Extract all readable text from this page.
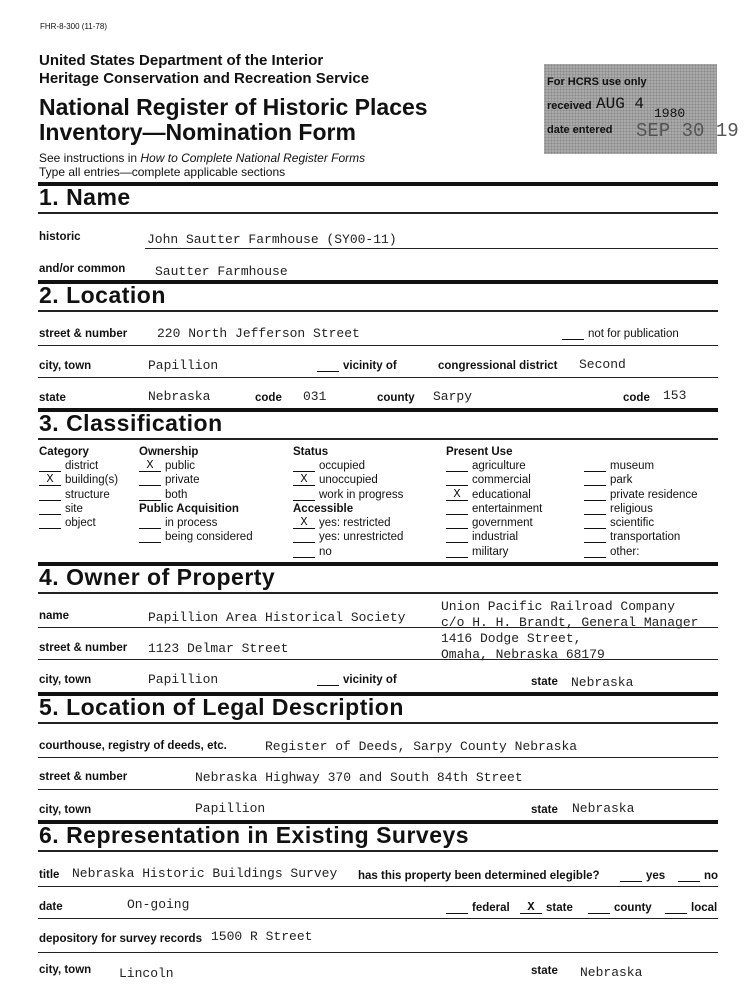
FHR-8-300 (11-78)
United States Department of the Interior
Heritage Conservation and Recreation Service
National Register of Historic Places
Inventory—Nomination Form
See instructions in How to Complete National Register Forms
Type all entries—complete applicable sections
For HCRS use only
received AUG 4
1980
date entered SEP 30 19
1. Name
historic	John Sautter Farmhouse (SY00-11)
and/or common Sautter Farmhouse
2. Location
street & number 220 North Jefferson Street	not for publication
city, town	Papillion	vicinity of	congressional district Second
state	Nebraska	code 031	county Sarpy	code 153
3. Classification
Category
district
X building(s)
structure
site
object
Ownership
X public
private
both
Public Acquisition
in process
being considered
Status
occupied
X unoccupied
work in progress
Accessible
X yes: restricted
yes: unrestricted
no
Present Use
agriculture
commercial
X educational
entertainment
government
industrial
military
museum
park
private residence
religious
scientific
transportation
other:
4. Owner of Property
name	Papillion Area Historical Society
Union Pacific Railroad Company
c/o H. H. Brandt, General Manager
1416 Dodge Street,
Omaha, Nebraska 68179
street & number 1123 Delmar Street
city, town	Papillion	vicinity of	state Nebraska
5. Location of Legal Description
courthouse, registry of deeds, etc.	Register of Deeds, Sarpy County Nebraska
street & number	Nebraska Highway 370 and South 84th Street
city, town	Papillion	state Nebraska
6. Representation in Existing Surveys
title Nebraska Historic Buildings Survey has this property been determined elegible?	yes	no
date	On-going	federal	X state	county	local
depository for survey records 1500 R Street
city, town Lincoln	state Nebraska
